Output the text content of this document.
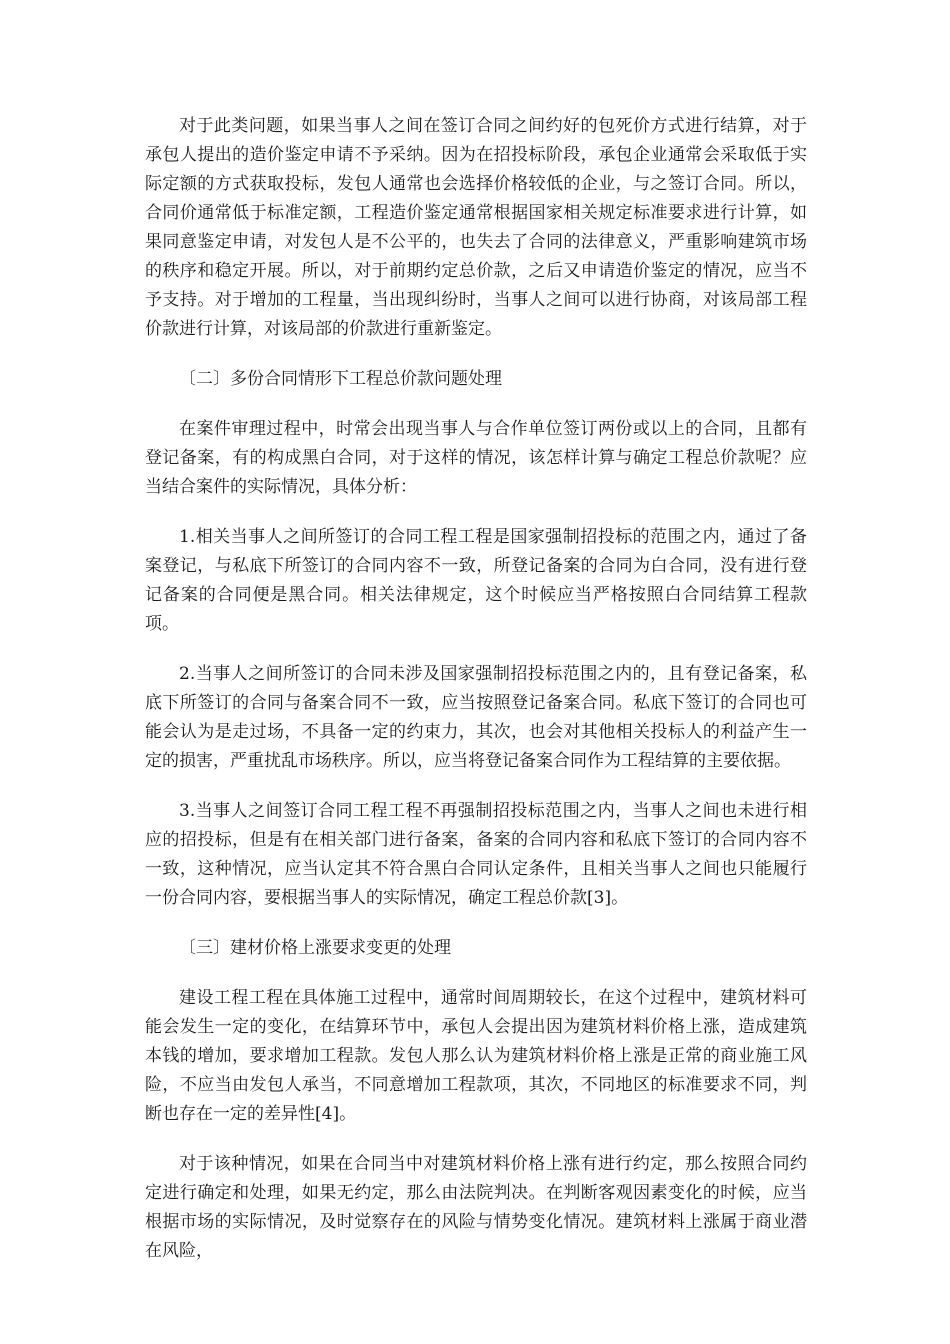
对于此类问题，如果当事人之间在签订合同之间约好的包死价方式进行结算，对于承包人提出的造价鉴定申请不予采纳。因为在招投标阶段，承包企业通常会采取低于实际定额的方式获取投标，发包人通常也会选择价格较低的企业，与之签订合同。所以，合同价通常低于标准定额，工程造价鉴定通常根据国家相关规定标准要求进行计算，如果同意鉴定申请，对发包人是不公平的，也失去了合同的法律意义，严重影响建筑市场的秩序和稳定开展。所以，对于前期约定总价款，之后又申请造价鉴定的情况，应当不予支持。对于增加的工程量，当出现纠纷时，当事人之间可以进行协商，对该局部工程价款进行计算，对该局部的价款进行重新鉴定。

〔二〕多份合同情形下工程总价款问题处理

在案件审理过程中，时常会出现当事人与合作单位签订两份或以上的合同，且都有登记备案，有的构成黑白合同，对于这样的情况，该怎样计算与确定工程总价款呢？应当结合案件的实际情况，具体分析：

1.相关当事人之间所签订的合同工程工程是国家强制招投标的范围之内，通过了备案登记，与私底下所签订的合同内容不一致，所登记备案的合同为白合同，没有进行登记备案的合同便是黑合同。相关法律规定，这个时候应当严格按照白合同结算工程款项。

2.当事人之间所签订的合同未涉及国家强制招投标范围之内的，且有登记备案，私底下所签订的合同与备案合同不一致，应当按照登记备案合同。私底下签订的合同也可能会认为是走过场，不具备一定的约束力，其次，也会对其他相关投标人的利益产生一定的损害，严重扰乱市场秩序。所以，应当将登记备案合同作为工程结算的主要依据。

3.当事人之间签订合同工程工程不再强制招投标范围之内，当事人之间也未进行相应的招投标，但是有在相关部门进行备案，备案的合同内容和私底下签订的合同内容不一致，这种情况，应当认定其不符合黑白合同认定条件，且相关当事人之间也只能履行一份合同内容，要根据当事人的实际情况，确定工程总价款[3]。

〔三〕建材价格上涨要求变更的处理

建设工程工程在具体施工过程中，通常时间周期较长，在这个过程中，建筑材料可能会发生一定的变化，在结算环节中，承包人会提出因为建筑材料价格上涨，造成建筑本钱的增加，要求增加工程款。发包人那么认为建筑材料价格上涨是正常的商业施工风险，不应当由发包人承当，不同意增加工程款项，其次，不同地区的标准要求不同，判断也存在一定的差异性[4]。

对于该种情况，如果在合同当中对建筑材料价格上涨有进行约定，那么按照合同约定进行确定和处理，如果无约定，那么由法院判决。在判断客观因素变化的时候，应当根据市场的实际情况，及时觉察存在的风险与情势变化情况。建筑材料上涨属于商业潜在风险，
